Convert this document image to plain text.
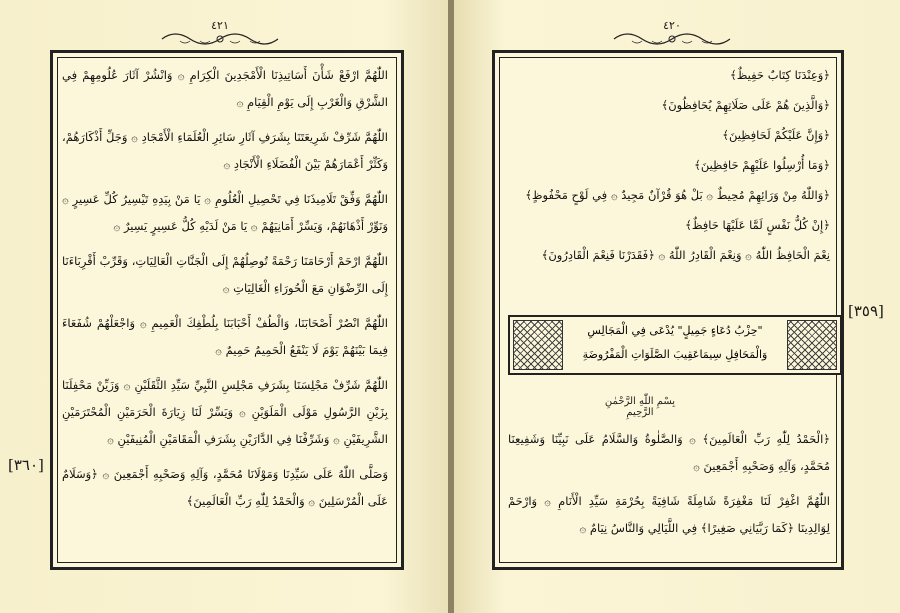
٤٢١	٤٢٠
[٣٦٠]
[٣٥٩]

اللّٰهُمَّ ارْفَعْ شَأْنَ أَسَاتِيذِنَا الْأَمْجَدِينَ الْكِرَامِ ۞ وَانْشُرْ آثَارَ عُلُومِهِمْ فِي الشَّرْقِ وَالْغَرْبِ إِلَى يَوْمِ الْقِيَامِ ۞

اللّٰهُمَّ شَرِّفْ شَرِيعَتَنَا بِشَرَفِ آثَارِ سَائِرِ الْعُلَمَاءِ الْأَمْجَادِ ۞ وَجَلِّ أَذْكَارَهُمْ، وَكَثِّرْ أَعْمَارَهُمْ بَيْنَ الْفُضَلَاءِ الْأَنْجَادِ ۞

اللّٰهُمَّ وَفِّقْ تَلَامِيذَنَا فِي تَحْصِيلِ الْعُلُومِ ۞ يَا مَنْ بِيَدِهِ تَيْسِيرُ كُلِّ عَسِيرٍ ۞ وَنَوِّرْ أَذْهَانَهُمْ، وَيَسِّرْ أَمَانِيَهُمْ ۞ يَا مَنْ لَدَيْهِ كُلُّ عَسِيرٍ يَسِيرٌ ۞

اللّٰهُمَّ ارْحَمْ أَرْحَامَنَا رَحْمَةً تُوصِلُهُمْ إِلَى الْجَنَّاتِ الْعَالِيَاتِ، وَقَرِّبْ أَقْرِبَاءَنَا إِلَى الرِّضْوَانِ مَعَ الْحُورَاءِ الْغَالِيَاتِ ۞

اللّٰهُمَّ انْصُرْ أَصْحَابَنَا، وَالْطُفْ أَحْبَابَنَا بِلُطْفِكَ الْعَمِيمِ ۞ وَاجْعَلْهُمْ شُفَعَاءَ فِيمَا بَيْنَهُمْ يَوْمَ لَا يَنْفَعُ الْحَمِيمُ حَمِيمٌ ۞

اللّٰهُمَّ شَرِّفْ مَجْلِسَنَا بِشَرَفِ مَجْلِسِ النَّبِيِّ سَيِّدِ الثَّقَلَيْنِ ۞ وَزَيِّنْ مَحْفِلَنَا بِزَيْنِ الرَّسُولِ مَوْلَى الْمَلَوَيْنِ ۞ وَيَسِّرْ لَنَا زِيَارَةَ الْحَرَمَيْنِ الْمُحْتَرَمَيْنِ الشَّرِيفَيْنِ ۞ وَشَرِّفْنَا فِي الدَّارَيْنِ بِشَرَفِ الْمَقَامَيْنِ الْمُنِيفَيْنِ ۞

وَصَلَّى اللّٰهُ عَلَى سَيِّدِنَا وَمَوْلَانَا مُحَمَّدٍ، وَآلِهِ وَصَحْبِهِ أَجْمَعِينَ ۞ ﴿وَسَلَامٌ عَلَى الْمُرْسَلِينَ ۞ وَالْحَمْدُ لِلّٰهِ رَبِّ الْعَالَمِينَ﴾

﴿وَعِنْدَنَا كِتَابٌ حَفِيظٌ﴾

﴿وَالَّذِينَ هُمْ عَلَى صَلَاتِهِمْ يُحَافِظُونَ﴾

﴿وَإِنَّ عَلَيْكُمْ لَحَافِظِينَ﴾

﴿وَمَا أُرْسِلُوا عَلَيْهِمْ حَافِظِينَ﴾

﴿وَاللّٰهُ مِنْ وَرَائِهِمْ مُحِيطٌ ۞ بَلْ هُوَ قُرْآنٌ مَجِيدٌ ۞ فِي لَوْحٍ مَحْفُوظٍ﴾

﴿إِنْ كُلُّ نَفْسٍ لَمَّا عَلَيْهَا حَافِظٌ﴾

نِعْمَ الْحَافِظُ اللّٰهُ ۞ وَنِعْمَ الْقَادِرُ اللّٰهُ ۞ ﴿فَقَدَرْنَا فَنِعْمَ الْقَادِرُونَ﴾

"حِزْبُ دُعَاءٍ جَمِيلٍ" يُدْعَى فِي الْمَجَالِسِ
وَالْمَحَافِلِ سِيمَاعَقِيبَ الصَّلَوَاتِ الْمَفْرُوضَةِ
بِسْمِ اللّٰهِ الرَّحْمٰنِ الرَّحِيمِ

﴿الْحَمْدُ لِلّٰهِ رَبِّ الْعَالَمِينَ﴾ ۞ وَالصَّلٰوةُ وَالسَّلَامُ عَلَى نَبِيِّنَا وَشَفِيعِنَا مُحَمَّدٍ، وَآلِهِ وَصَحْبِهِ أَجْمَعِينَ ۞

اللّٰهُمَّ اغْفِرْ لَنَا مَغْفِرَةً شَامِلَةً شَافِيَةً بِحُرْمَةِ سَيِّدِ الْأَنَامِ ۞ وَارْحَمْ لِوَالِدِينَا ﴿كَمَا رَبَّيَانِي صَغِيرًا﴾ فِي اللَّيَالِي وَالنَّاسُ نِيَامٌ ۞
